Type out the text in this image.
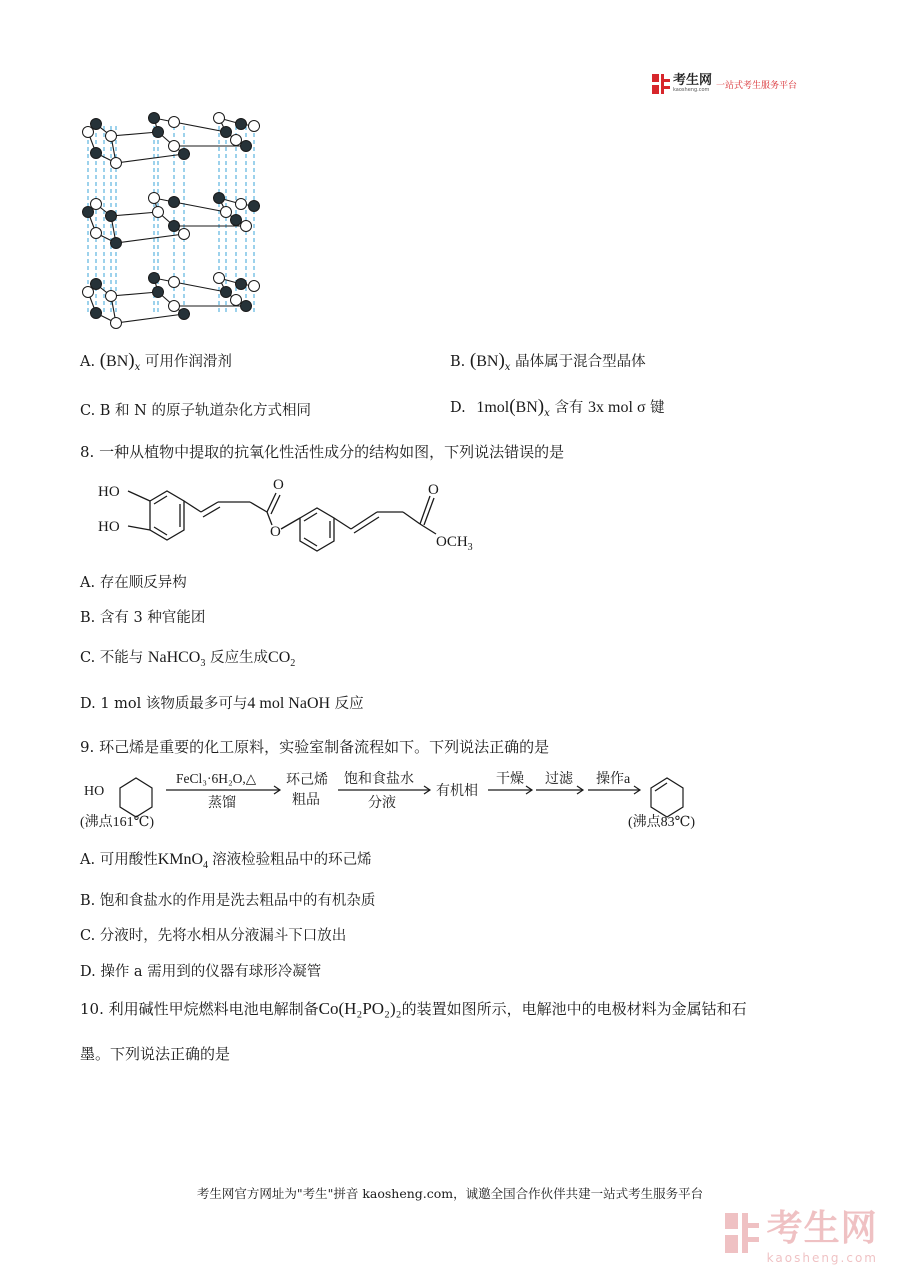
考生网
kaosheng.com 一站式考生服务平台
A. $(BN)_x$ 可用作润滑剂	B. $(BN)_x$ 晶体属于混合型晶体
C. B 和 N 的原子轨道杂化方式相同	D. $1mol(BN)_x$ 含有 3x mol σ 键
8. 一种从植物中提取的抗氧化性活性成分的结构如图，下列说法错误的是
HO
HO
O
O
O
$OCH_3$
A. 存在顺反异构
B. 含有 3 种官能团
C. 不能与 NaHCO$_3$ 反应生成$CO_2$
D. 1 mol 该物质最多可与4 mol NaOH 反应
9. 环己烯是重要的化工原料，实验室制备流程如下。下列说法正确的是
HO
(沸点161℃)
FeCl₃·6H₂O,△
蒸馏
环己烯
粗品
饱和食盐水
分液
有机相
干燥 过滤 操作a
(沸点83℃)
A. 可用酸性KMnO$_4$ 溶液检验粗品中的环己烯
B. 饱和食盐水的作用是洗去粗品中的有机杂质
C. 分液时，先将水相从分液漏斗下口放出
D. 操作 a 需用到的仪器有球形冷凝管
10. 利用碱性甲烷燃料电池电解制备Co(H₂PO₂)₂的装置如图所示，电解池中的电极材料为金属钴和石
墨。下列说法正确的是
考生网官方网址为"考生"拼音 kaosheng.com，诚邀全国合作伙伴共建一站式考生服务平台
考生网
kaosheng.com
